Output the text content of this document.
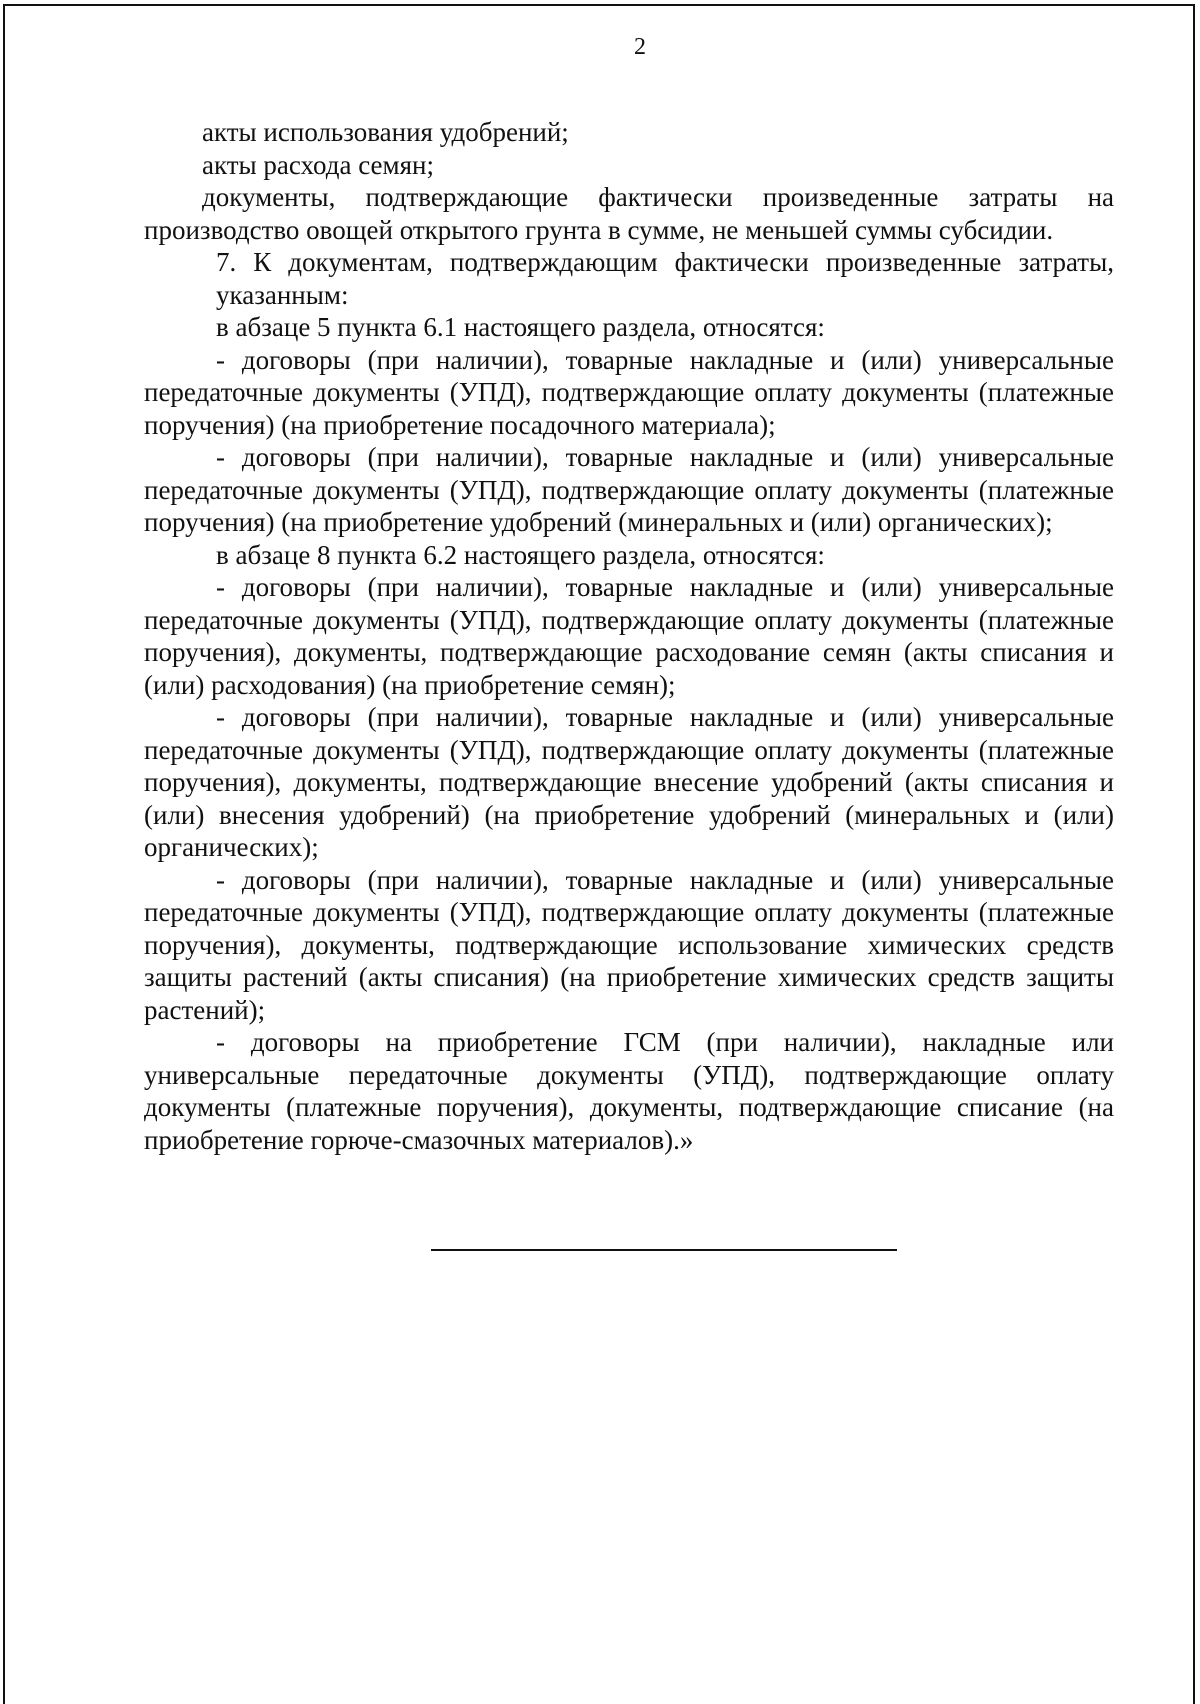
2

акты использования удобрений;

акты расхода семян;

документы, подтверждающие фактически произведенные затраты на производство овощей открытого грунта в сумме, не меньшей суммы субсидии.

7. К документам, подтверждающим фактически произведенные затраты, указанным:

в абзаце 5 пункта 6.1 настоящего раздела, относятся:

- договоры (при наличии), товарные накладные и (или) универсальные передаточные документы (УПД), подтверждающие оплату документы (платежные поручения) (на приобретение посадочного материала);

- договоры (при наличии), товарные накладные и (или) универсальные передаточные документы (УПД), подтверждающие оплату документы (платежные поручения) (на приобретение удобрений (минеральных и (или) органических);

в абзаце 8 пункта 6.2 настоящего раздела, относятся:

- договоры (при наличии), товарные накладные и (или) универсальные передаточные документы (УПД), подтверждающие оплату документы (платежные поручения), документы, подтверждающие расходование семян (акты списания и (или) расходования) (на приобретение семян);

- договоры (при наличии), товарные накладные и (или) универсальные передаточные документы (УПД), подтверждающие оплату документы (платежные поручения), документы, подтверждающие внесение удобрений (акты списания и (или) внесения удобрений) (на приобретение удобрений (минеральных и (или) органических);

- договоры (при наличии), товарные накладные и (или) универсальные передаточные документы (УПД), подтверждающие оплату документы (платежные поручения), документы, подтверждающие использование химических средств защиты растений (акты списания) (на приобретение химических средств защиты растений);

- договоры на приобретение ГСМ (при наличии), накладные или универсальные передаточные документы (УПД), подтверждающие оплату документы (платежные поручения), документы, подтверждающие списание (на приобретение горюче-смазочных материалов).»
